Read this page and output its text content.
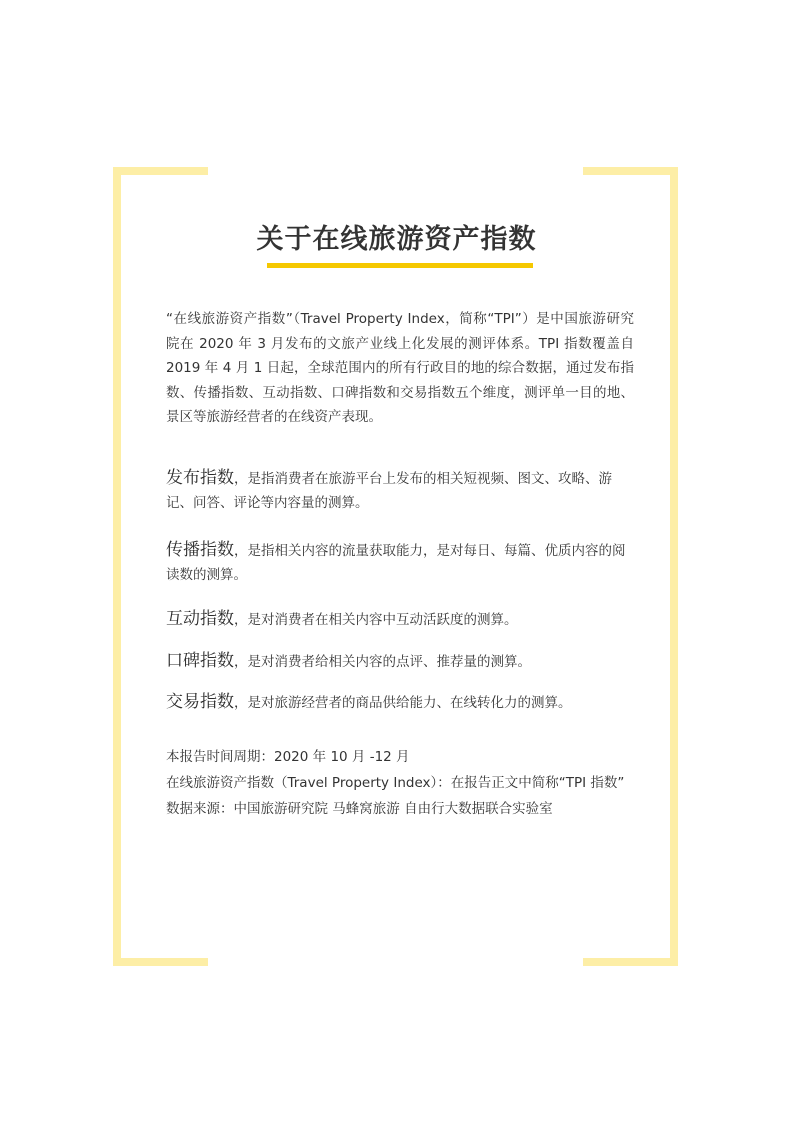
关于在线旅游资产指数
“在线旅游资产指数”（Travel Property Index，简称“TPI”）是中国旅游研究院在 2020 年 3 月发布的文旅产业线上化发展的测评体系。TPI 指数覆盖自 2019 年 4 月 1 日起，全球范围内的所有行政目的地的综合数据，通过发布指数、传播指数、互动指数、口碑指数和交易指数五个维度，测评单一目的地、景区等旅游经营者的在线资产表现。
发布指数，是指消费者在旅游平台上发布的相关短视频、图文、攻略、游记、问答、评论等内容量的测算。
传播指数，是指相关内容的流量获取能力，是对每日、每篇、优质内容的阅读数的测算。
互动指数，是对消费者在相关内容中互动活跃度的测算。
口碑指数，是对消费者给相关内容的点评、推荐量的测算。
交易指数，是对旅游经营者的商品供给能力、在线转化力的测算。
本报告时间周期：2020 年 10 月 -12 月
在线旅游资产指数（Travel Property Index）：在报告正文中简称“TPI 指数”
数据来源：中国旅游研究院 马蜂窝旅游 自由行大数据联合实验室
